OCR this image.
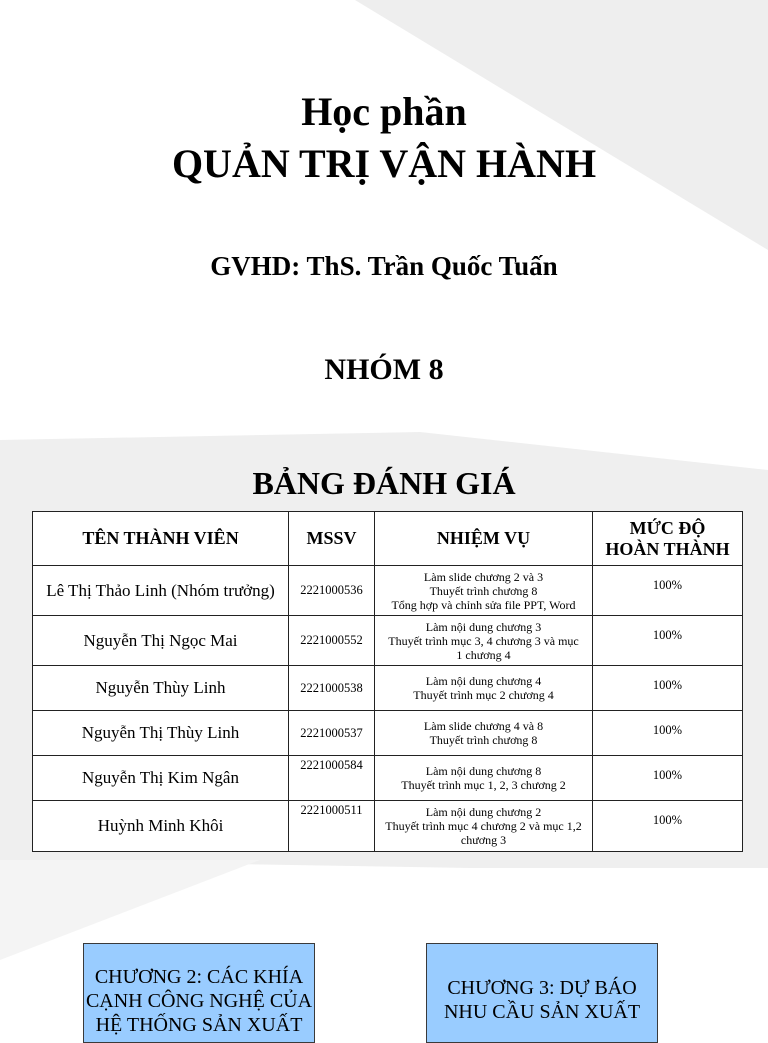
Học phần
QUẢN TRỊ VẬN HÀNH
GVHD: ThS. Trần Quốc Tuấn
NHÓM 8
BẢNG ĐÁNH GIÁ
TÊN THÀNH VIÊN	MSSV	NHIỆM VỤ	MỨC ĐỘ
HOÀN THÀNH

Lê Thị Thảo Linh (Nhóm trưởng)	2221000536	Làm slide chương 2 và 3
Thuyết trình chương 8
Tổng hợp và chỉnh sửa file PPT, Word	100%
Nguyễn Thị Ngọc Mai	2221000552	Làm nội dung chương 3
Thuyết trình mục 3, 4 chương 3 và mục
1 chương 4	100%
Nguyễn Thùy Linh	2221000538	Làm nội dung chương 4
Thuyết trình mục 2 chương 4	100%
Nguyễn Thị Thùy Linh	2221000537	Làm slide chương 4 và 8
Thuyết trình chương 8	100%
Nguyễn Thị Kim Ngân	2221000584	Làm nội dung chương 8
Thuyết trình mục 1, 2, 3 chương 2	100%
Huỳnh Minh Khôi	2221000511	Làm nội dung chương 2
Thuyết trình mục 4 chương 2 và mục 1,2
chương 3	100%
CHƯƠNG 2: CÁC KHÍA
CẠNH CÔNG NGHỆ CỦA
HỆ THỐNG SẢN XUẤT
CHƯƠNG 3: DỰ BÁO
NHU CẦU SẢN XUẤT
